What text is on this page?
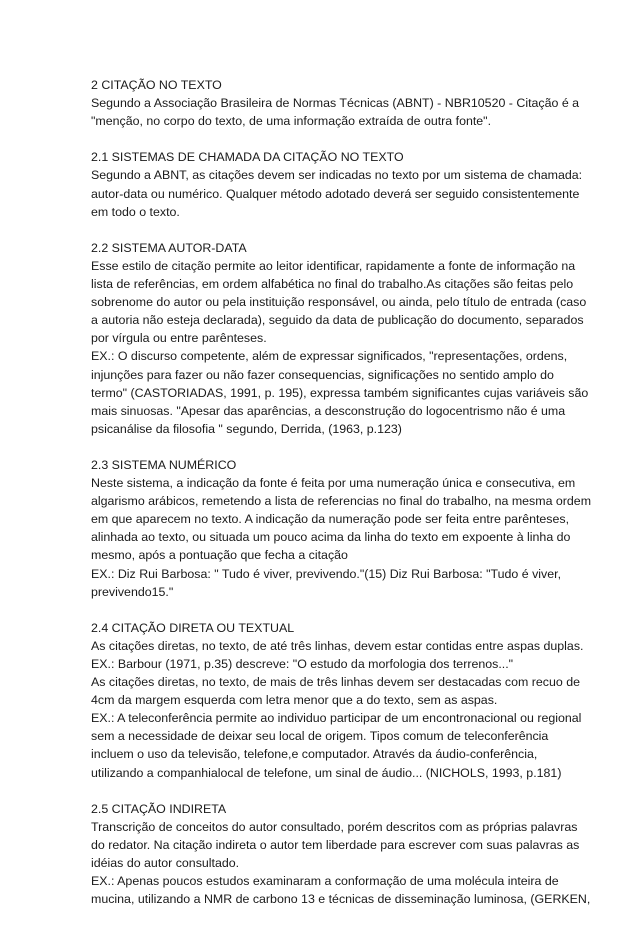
2 CITAÇÃO NO TEXTO
Segundo a Associação Brasileira de Normas Técnicas (ABNT) - NBR10520 - Citação é a
"menção, no corpo do texto, de uma informação extraída de outra fonte".
2.1 SISTEMAS DE CHAMADA DA CITAÇÃO NO TEXTO
Segundo a ABNT, as citações devem ser indicadas no texto por um sistema de chamada:
autor-data ou numérico. Qualquer método adotado deverá ser seguido consistentemente
em todo o texto.
2.2 SISTEMA AUTOR-DATA
Esse estilo de citação permite ao leitor identificar, rapidamente a fonte de informação na
lista de referências, em ordem alfabética no final do trabalho.As citações são feitas pelo
sobrenome do autor ou pela instituição responsável, ou ainda, pelo título de entrada (caso
a autoria não esteja declarada), seguido da data de publicação do documento, separados
por vírgula ou entre parênteses.
EX.: O discurso competente, além de expressar significados, "representações, ordens,
injunções para fazer ou não fazer consequencias, significações no sentido amplo do
termo" (CASTORIADAS, 1991, p. 195), expressa também significantes cujas variáveis são
mais sinuosas. "Apesar das aparências, a desconstrução do logocentrismo não é uma
psicanálise da filosofia " segundo, Derrida, (1963, p.123)
2.3 SISTEMA NUMÉRICO
Neste sistema, a indicação da fonte é feita por uma numeração única e consecutiva, em
algarismo arábicos, remetendo a lista de referencias no final do trabalho, na mesma ordem
em que aparecem no texto. A indicação da numeração pode ser feita entre parênteses,
alinhada ao texto, ou situada um pouco acima da linha do texto em expoente à linha do
mesmo, após a pontuação que fecha a citação
EX.: Diz Rui Barbosa: " Tudo é viver, previvendo."(15) Diz Rui Barbosa: "Tudo é viver,
previvendo15."
2.4 CITAÇÃO DIRETA OU TEXTUAL
As citações diretas, no texto, de até três linhas, devem estar contidas entre aspas duplas.
EX.: Barbour (1971, p.35) descreve: "O estudo da morfologia dos terrenos..."
As citações diretas, no texto, de mais de três linhas devem ser destacadas com recuo de
4cm da margem esquerda com letra menor que a do texto, sem as aspas.
EX.: A teleconferência permite ao individuo participar de um encontronacional ou regional
sem a necessidade de deixar seu local de origem. Tipos comum de teleconferência
incluem o uso da televisão, telefone,e computador. Através da áudio-conferência,
utilizando a companhialocal de telefone, um sinal de áudio... (NICHOLS, 1993, p.181)
2.5 CITAÇÃO INDIRETA
Transcrição de conceitos do autor consultado, porém descritos com as próprias palavras
do redator. Na citação indireta o autor tem liberdade para escrever com suas palavras as
idéias do autor consultado.
EX.: Apenas poucos estudos examinaram a conformação de uma molécula inteira de
mucina, utilizando a NMR de carbono 13 e técnicas de disseminação luminosa, (GERKEN,
